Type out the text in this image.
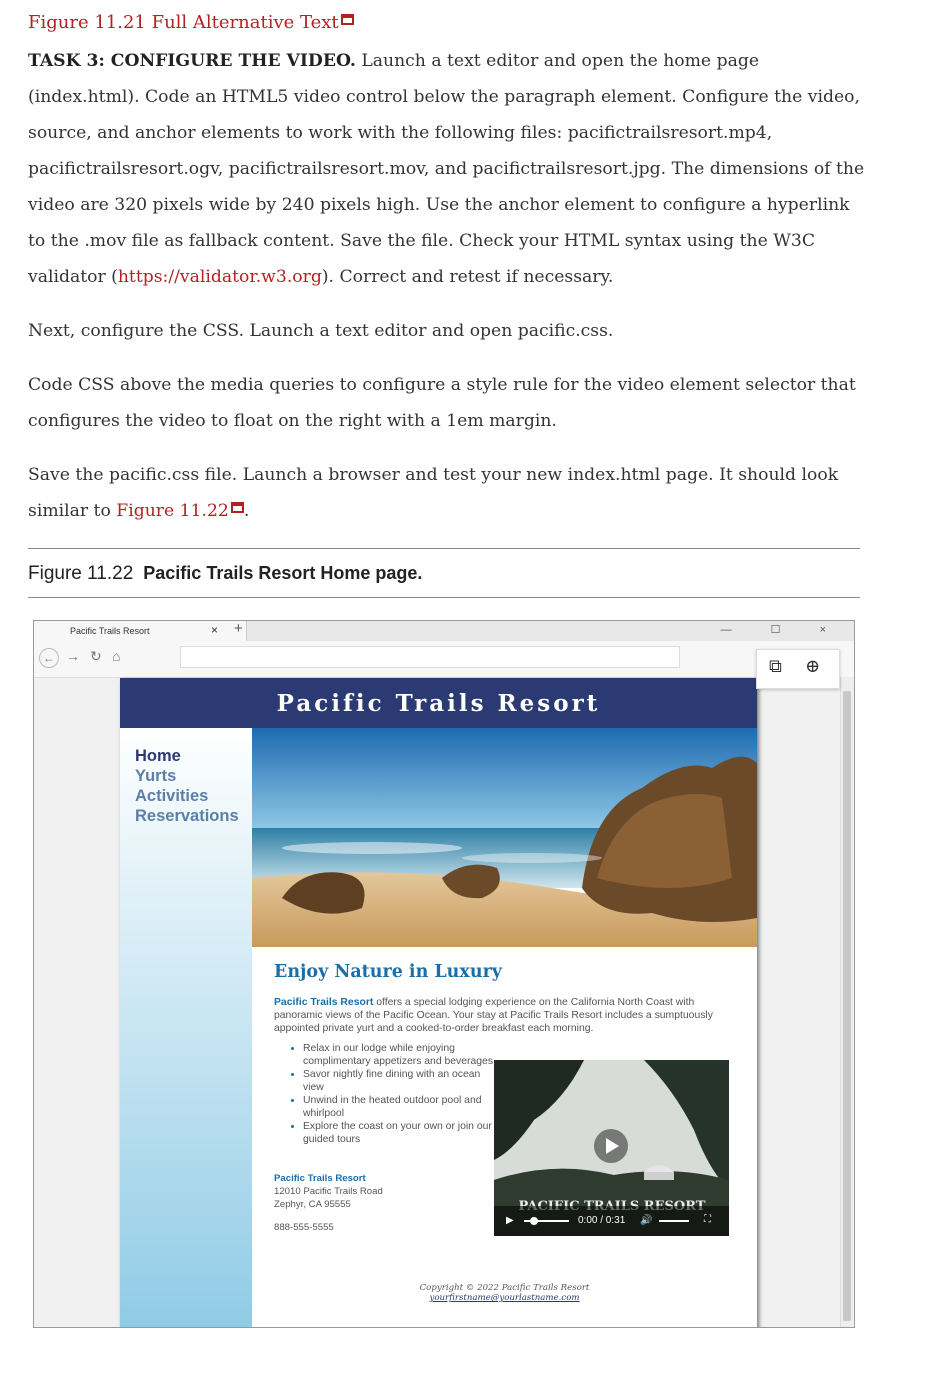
Figure 11.21 Full Alternative Text

TASK 3: CONFIGURE THE VIDEO. Launch a text editor and open the home page (index.html). Code an HTML5 video control below the paragraph element. Configure the video, source, and anchor elements to work with the following files: pacifictrailsresort.mp4, pacifictrailsresort.ogv, pacifictrailsresort.mov, and pacifictrailsresort.jpg. The dimensions of the video are 320 pixels wide by 240 pixels high. Use the anchor element to configure a hyperlink to the .mov file as fallback content. Save the file. Check your HTML syntax using the W3C validator (https://validator.w3.org). Correct and retest if necessary.

Next, configure the CSS. Launch a text editor and open pacific.css.

Code CSS above the media queries to configure a style rule for the video element selector that configures the video to float on the right with a 1em margin.

Save the pacific.css file. Launch a browser and test your new index.html page. It should look similar to Figure 11.22 .

Figure 11.22 Pacific Trails Resort Home page.
Pacific Trails Resort	× +	— ☐ ×
← → ↻ ⌂
Pacific Trails Resort
Home
Yurts
Activities
Reservations
Enjoy Nature in Luxury
Pacific Trails Resort offers a special lodging experience on the California North Coast with panoramic views of the Pacific Ocean. Your stay at Pacific Trails Resort includes a sumptuously appointed private yurt and a cooked-to-order breakfast each morning.
• Relax in our lodge while enjoying complimentary appetizers and beverages
• Savor nightly fine dining with an ocean view
• Unwind in the heated outdoor pool and whirlpool
• Explore the coast on your own or join our guided tours
Pacific Trails Resort
12010 Pacific Trails Road
Zephyr, CA 95555
888-555-5555
▶	0:00 / 0:31 🔊	⛶
Copyright © 2022 Pacific Trails Resort
yourfirstname@yourlastname.com
⧉ ⊕
